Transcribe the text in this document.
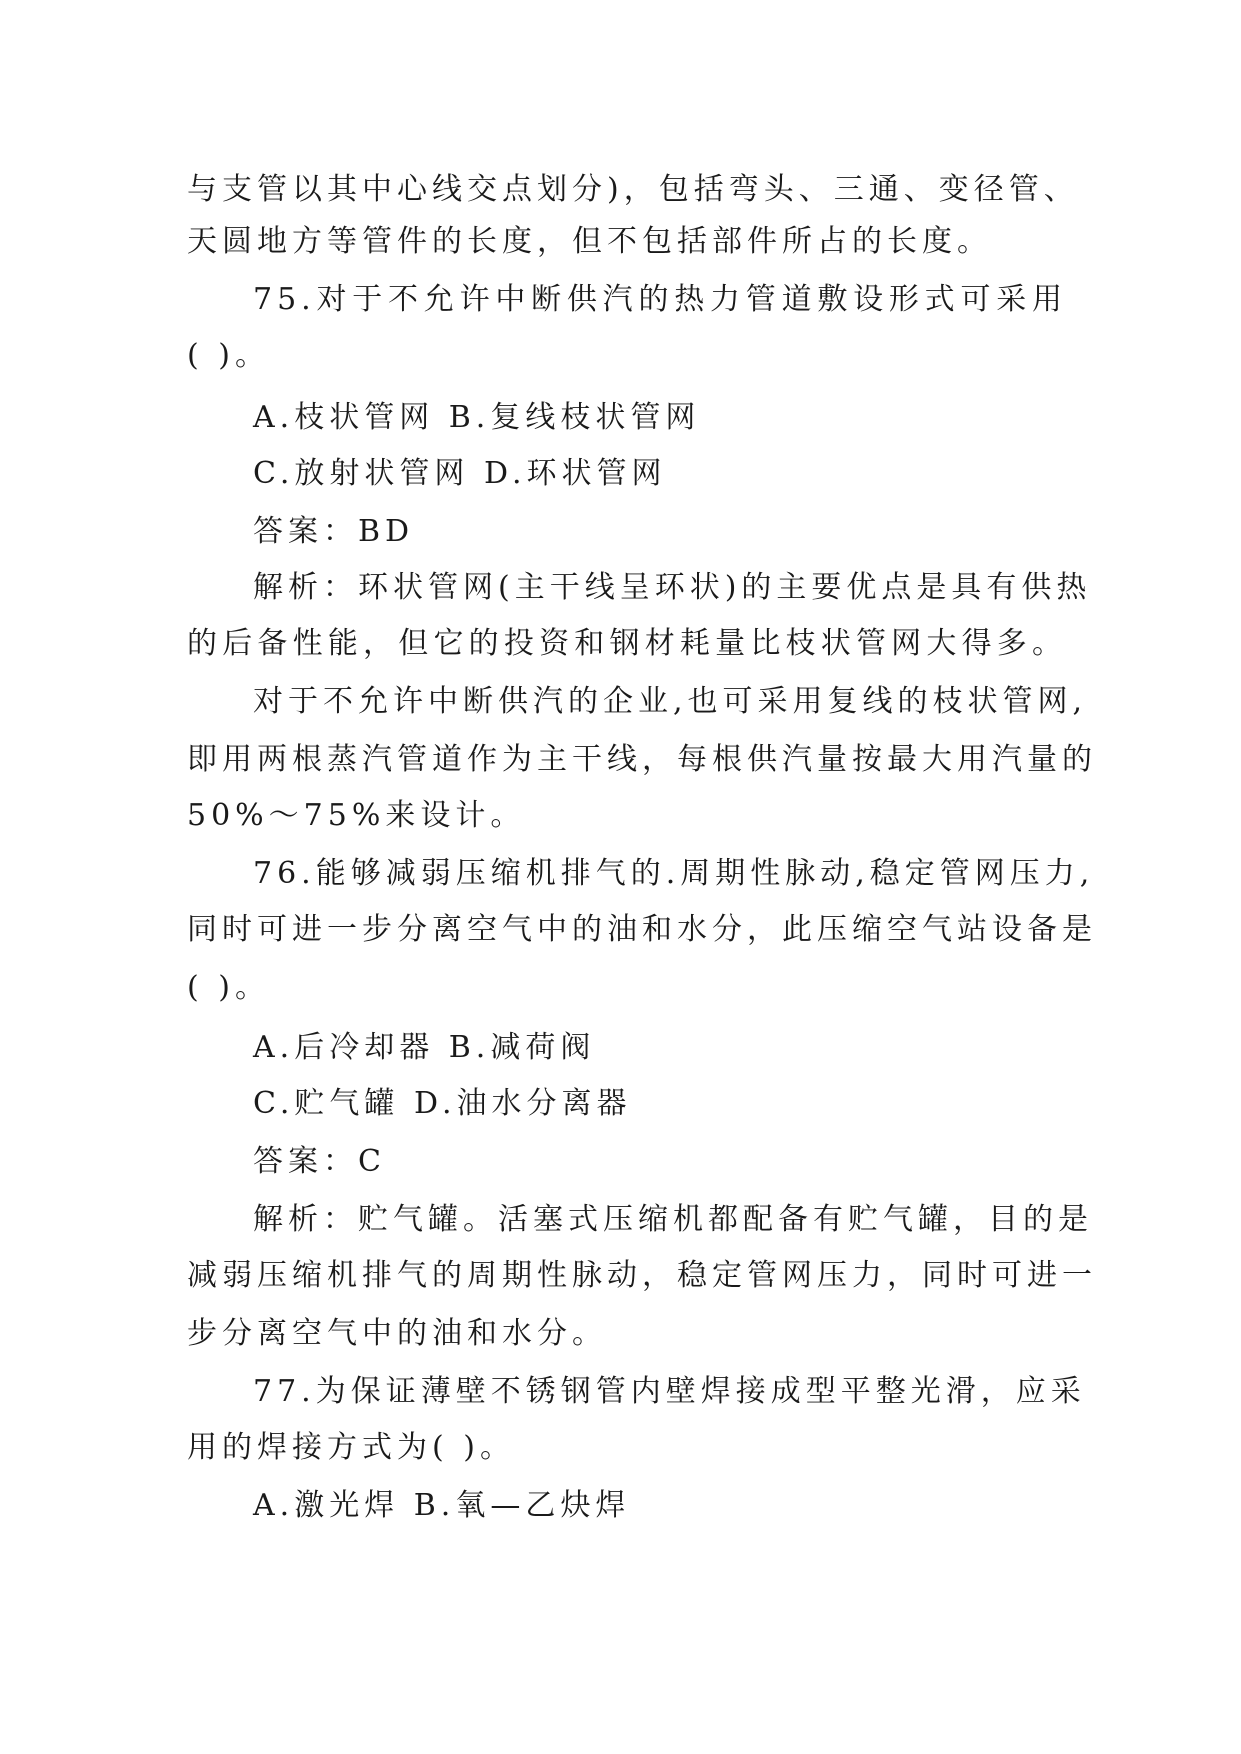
与支管以其中心线交点划分)，包括弯头、三通、变径管、
天圆地方等管件的长度，但不包括部件所占的长度。
75.对于不允许中断供汽的热力管道敷设形式可采用
( )。
A.枝状管网 B.复线枝状管网
C.放射状管网 D.环状管网
答案：BD
解析：环状管网(主干线呈环状)的主要优点是具有供热
的后备性能，但它的投资和钢材耗量比枝状管网大得多。
对于不允许中断供汽的企业,也可采用复线的枝状管网,
即用两根蒸汽管道作为主干线，每根供汽量按最大用汽量的
50%～75%来设计。
76.能够减弱压缩机排气的.周期性脉动,稳定管网压力,
同时可进一步分离空气中的油和水分，此压缩空气站设备是
( )。
A.后冷却器 B.减荷阀
C.贮气罐 D.油水分离器
答案：C
解析：贮气罐。活塞式压缩机都配备有贮气罐，目的是
减弱压缩机排气的周期性脉动，稳定管网压力，同时可进一
步分离空气中的油和水分。
77.为保证薄壁不锈钢管内壁焊接成型平整光滑，应采
用的焊接方式为( )。
A.激光焊 B.氧—乙炔焊
